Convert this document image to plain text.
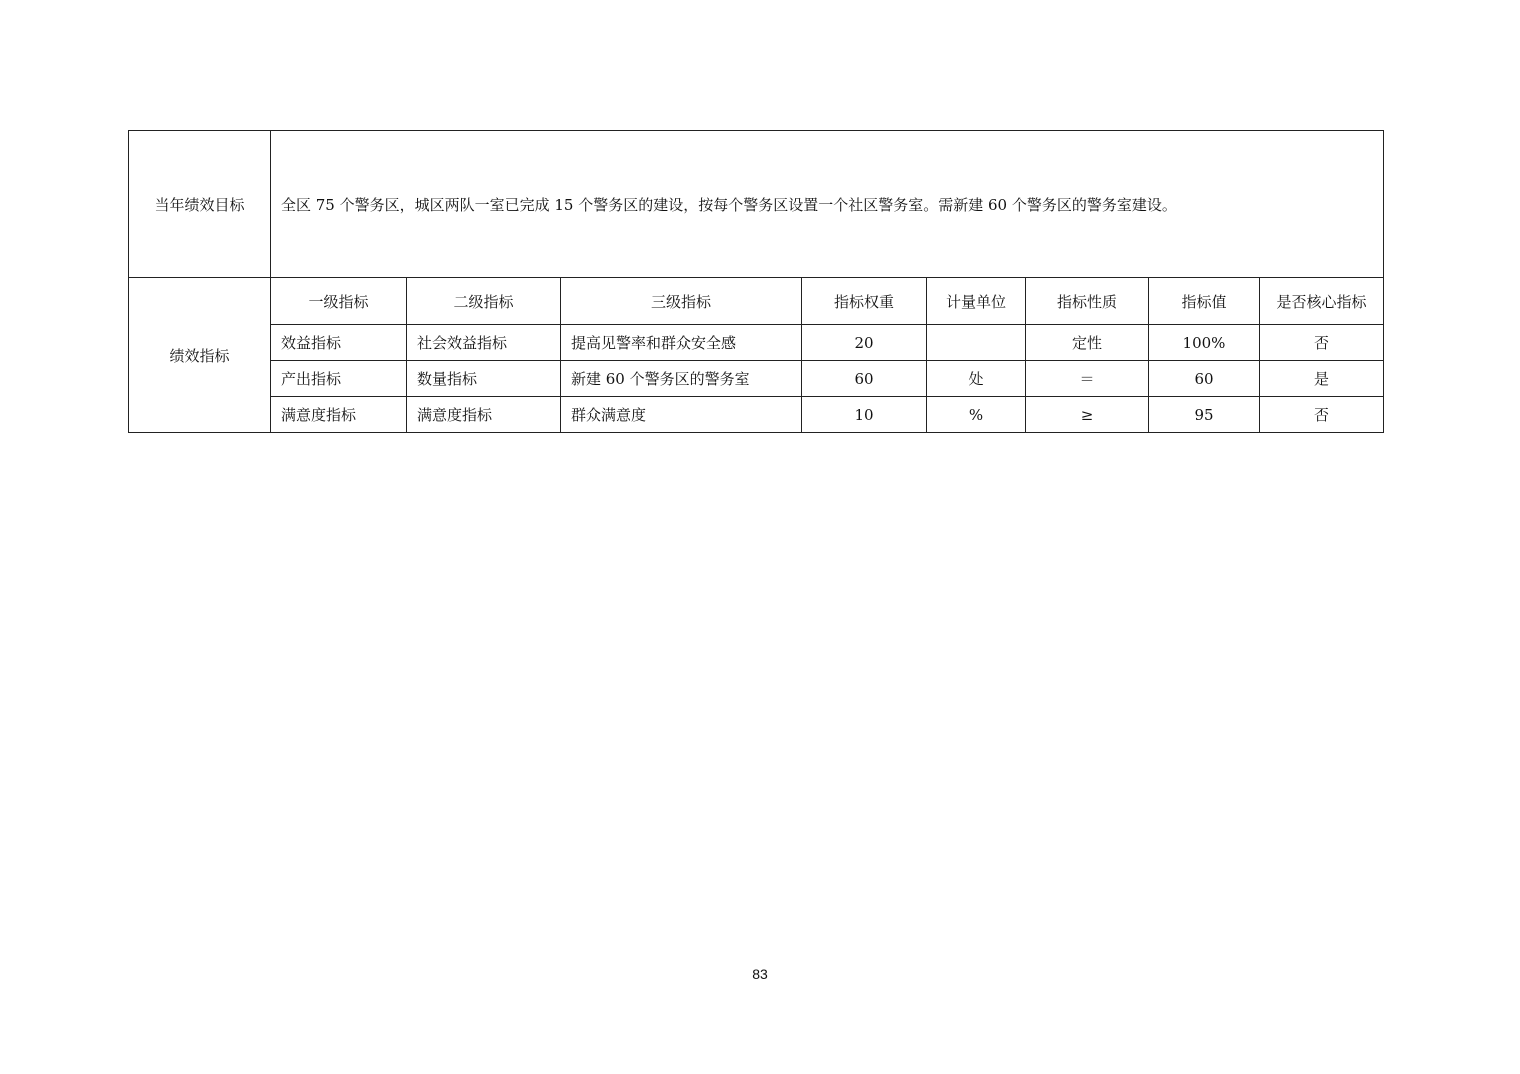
当年绩效目标	全区 75 个警务区，城区两队一室已完成 15 个警务区的建设，按每个警务区设置一个社区警务室。需新建 60 个警务区的警务室建设。							
绩效指标	一级指标	二级指标	三级指标	指标权重	计量单位	指标性质	指标值	是否核心指标
	效益指标	社会效益指标	提高见警率和群众安全感	20		定性	100%	否
	产出指标	数量指标	新建 60 个警务区的警务室	60	处	＝	60	是
	满意度指标	满意度指标	群众满意度	10	%	≥	95	否
83
